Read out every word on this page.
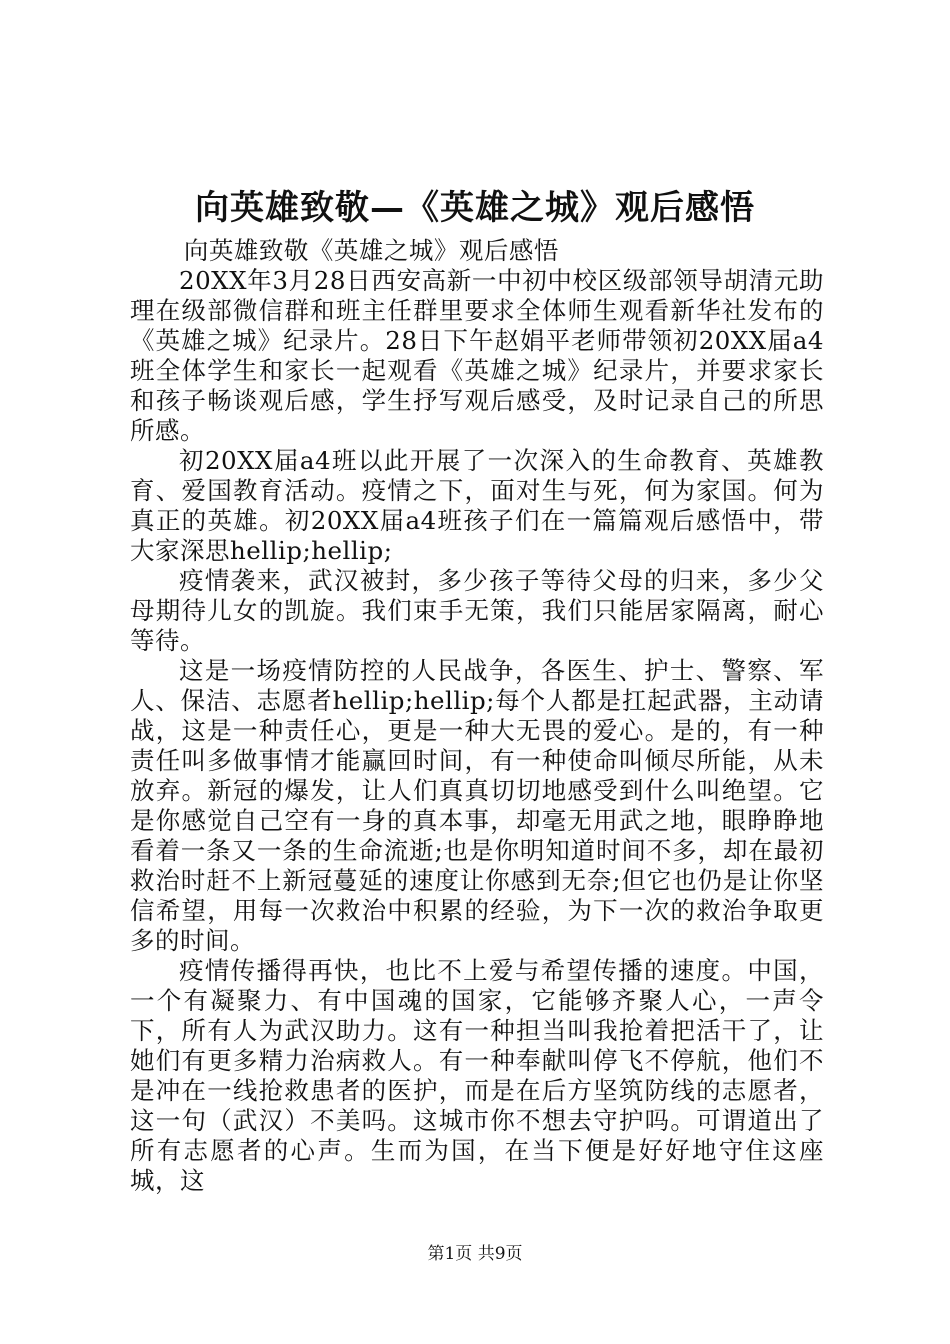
向英雄致敬—《英雄之城》观后感悟

向英雄致敬《英雄之城》观后感悟

20XX年3月28日西安高新一中初中校区级部领导胡清元助理在级部微信群和班主任群里要求全体师生观看新华社发布的《英雄之城》纪录片。28日下午赵娟平老师带领初20XX届a4班全体学生和家长一起观看《英雄之城》纪录片，并要求家长和孩子畅谈观后感，学生抒写观后感受，及时记录自己的所思所感。

初20XX届a4班以此开展了一次深入的生命教育、英雄教育、爱国教育活动。疫情之下，面对生与死，何为家国。何为真正的英雄。初20XX届a4班孩子们在一篇篇观后感悟中，带大家深思hellip;hellip;

疫情袭来，武汉被封，多少孩子等待父母的归来，多少父母期待儿女的凯旋。我们束手无策，我们只能居家隔离，耐心等待。

这是一场疫情防控的人民战争，各医生、护士、警察、军人、保洁、志愿者hellip;hellip;每个人都是扛起武器，主动请战，这是一种责任心，更是一种大无畏的爱心。是的，有一种责任叫多做事情才能赢回时间，有一种使命叫倾尽所能，从未放弃。新冠的爆发，让人们真真切切地感受到什么叫绝望。它是你感觉自己空有一身的真本事，却毫无用武之地，眼睁睁地看着一条又一条的生命流逝;也是你明知道时间不多，却在最初救治时赶不上新冠蔓延的速度让你感到无奈;但它也仍是让你坚信希望，用每一次救治中积累的经验，为下一次的救治争取更多的时间。

疫情传播得再快，也比不上爱与希望传播的速度。中国，一个有凝聚力、有中国魂的国家，它能够齐聚人心，一声令下，所有人为武汉助力。这有一种担当叫我抢着把活干了，让她们有更多精力治病救人。有一种奉献叫停飞不停航，他们不是冲在一线抢救患者的医护，而是在后方坚筑防线的志愿者，这一句（武汉）不美吗。这城市你不想去守护吗。可谓道出了所有志愿者的心声。生而为国，在当下便是好好地守住这座城，这

第1页 共9页
